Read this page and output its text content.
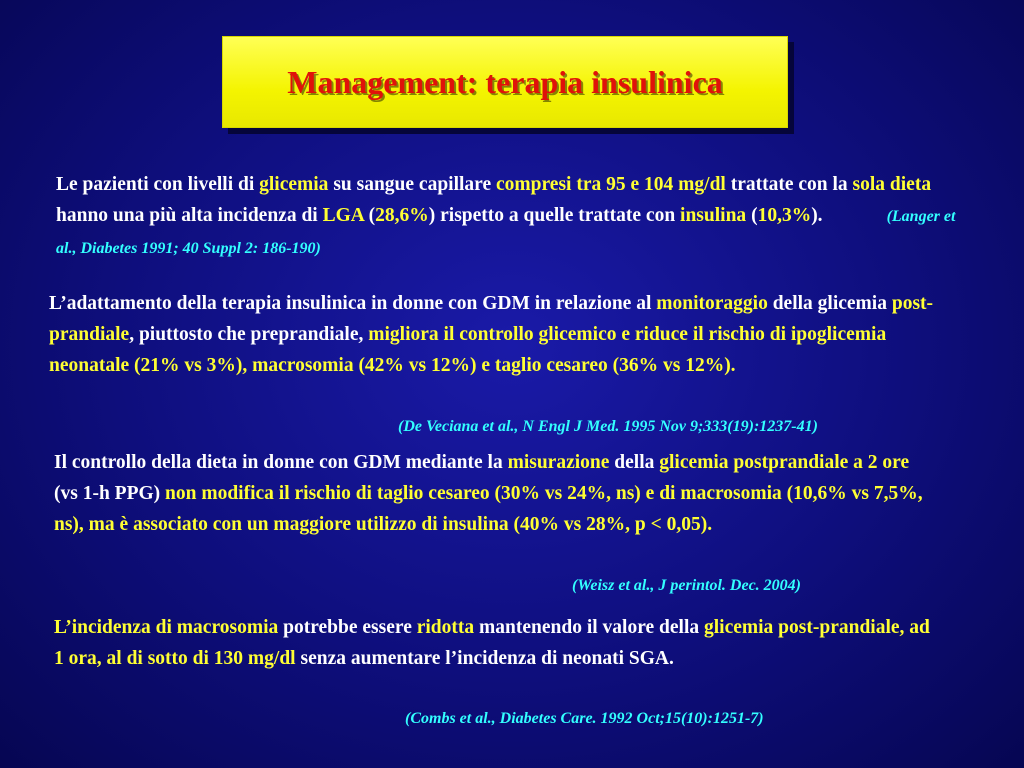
Management: terapia insulinica
Le pazienti con livelli di glicemia su sangue capillare compresi tra 95 e 104 mg/dl trattate con la sola dieta hanno una più alta incidenza di LGA (28,6%) rispetto a quelle trattate con insulina (10,3%).	(Langer et al., Diabetes 1991; 40 Suppl 2: 186-190)
L’adattamento della terapia insulinica in donne con GDM in relazione al monitoraggio della glicemia post-prandiale, piuttosto che preprandiale, migliora il controllo glicemico e riduce il rischio di ipoglicemia neonatale (21% vs 3%), macrosomia (42% vs 12%) e taglio cesareo (36% vs 12%).
(De Veciana et al., N Engl J Med. 1995 Nov 9;333(19):1237-41)
Il controllo della dieta in donne con GDM mediante la misurazione della glicemia postprandiale a 2 ore (vs 1-h PPG) non modifica il rischio di taglio cesareo (30% vs 24%, ns) e di macrosomia (10,6% vs 7,5%, ns), ma è associato con un maggiore utilizzo di insulina (40% vs 28%, p < 0,05).
(Weisz et al., J perintol. Dec. 2004)
L’incidenza di macrosomia potrebbe essere ridotta mantenendo il valore della glicemia post-prandiale, ad 1 ora, al di sotto di 130 mg/dl senza aumentare l’incidenza di neonati SGA.
(Combs et al., Diabetes Care. 1992 Oct;15(10):1251-7)
